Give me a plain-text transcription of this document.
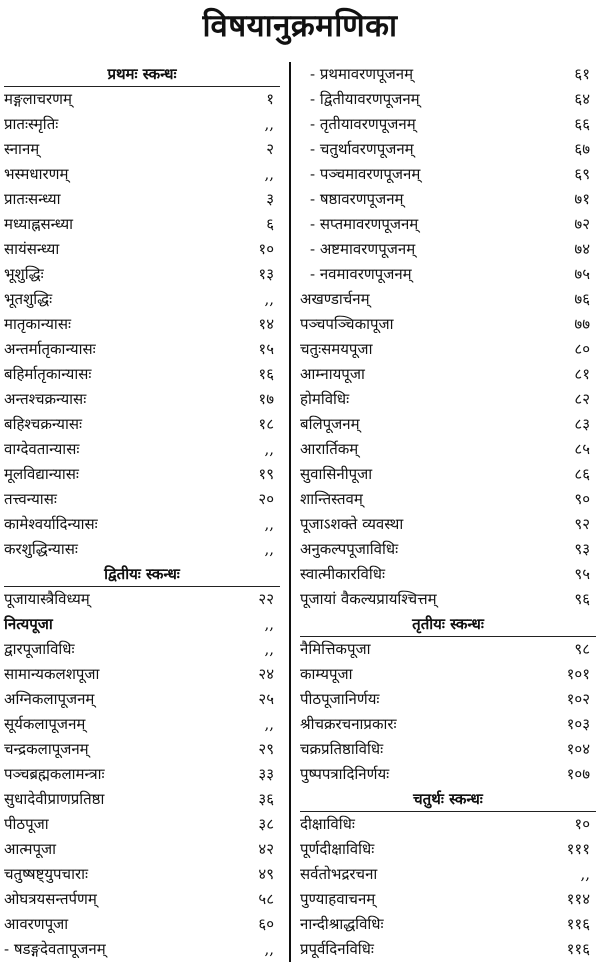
विषयानुक्रमणिका
प्रथमः स्कन्धः
मङ्गलाचरणम्	१
प्रातःस्मृतिः	,,
स्नानम्	२
भस्मधारणम्	,,
प्रातःसन्ध्या	३
मध्याह्नसन्ध्या	६
सायंसन्ध्या	१०
भूशुद्धिः	१३
भूतशुद्धिः	,,
मातृकान्यासः	१४
अन्तर्मातृकान्यासः	१५
बहिर्मातृकान्यासः	१६
अन्तश्चक्रन्यासः	१७
बहिश्चक्रन्यासः	१८
वाग्देवतान्यासः	,,
मूलविद्यान्यासः	१९
तत्त्वन्यासः	२०
कामेश्वर्यादिन्यासः	,,
करशुद्धिन्यासः	,,
द्वितीयः स्कन्धः
पूजायास्त्रैविध्यम्	२२
नित्यपूजा	,,
द्वारपूजाविधिः	,,
सामान्यकलशपूजा	२४
अग्निकलापूजनम्	२५
सूर्यकलापूजनम्	,,
चन्द्रकलापूजनम्	२९
पञ्चब्रह्मकलामन्त्राः	३३
सुधादेवीप्राणप्रतिष्ठा	३६
पीठपूजा	३८
आत्मपूजा	४२
चतुष्षष्ट्युपचाराः	४९
ओघत्रयसन्तर्पणम्	५८
आवरणपूजा	६०
- षडङ्गदेवतापूजनम्	,,
- प्रथमावरणपूजनम्	६१
- द्वितीयावरणपूजनम्	६४
- तृतीयावरणपूजनम्	६६
- चतुर्थावरणपूजनम्	६७
- पञ्चमावरणपूजनम्	६९
- षष्ठावरणपूजनम्	७१
- सप्तमावरणपूजनम्	७२
- अष्टमावरणपूजनम्	७४
- नवमावरणपूजनम्	७५
अखण्डार्चनम्	७६
पञ्चपञ्चिकापूजा	७७
चतुःसमयपूजा	८०
आम्नायपूजा	८१
होमविधिः	८२
बलिपूजनम्	८३
आरार्तिकम्	८५
सुवासिनीपूजा	८६
शान्तिस्तवम्	९०
पूजाऽशक्ते व्यवस्था	९२
अनुकल्पपूजाविधिः	९३
स्वात्मीकारविधिः	९५
पूजायां वैकल्यप्रायश्चित्तम्	९६
तृतीयः स्कन्धः
नैमित्तिकपूजा	९८
काम्यपूजा	१०१
पीठपूजानिर्णयः	१०२
श्रीचक्ररचनाप्रकारः	१०३
चक्रप्रतिष्ठाविधिः	१०४
पुष्पपत्रादिनिर्णयः	१०७
चतुर्थः स्कन्धः
दीक्षाविधिः	१०
पूर्णदीक्षाविधिः	१११
सर्वतोभद्ररचना	,,
पुण्याहवाचनम्	११४
नान्दीश्राद्धविधिः	११६
प्रपूर्वदिनविधिः	११६
